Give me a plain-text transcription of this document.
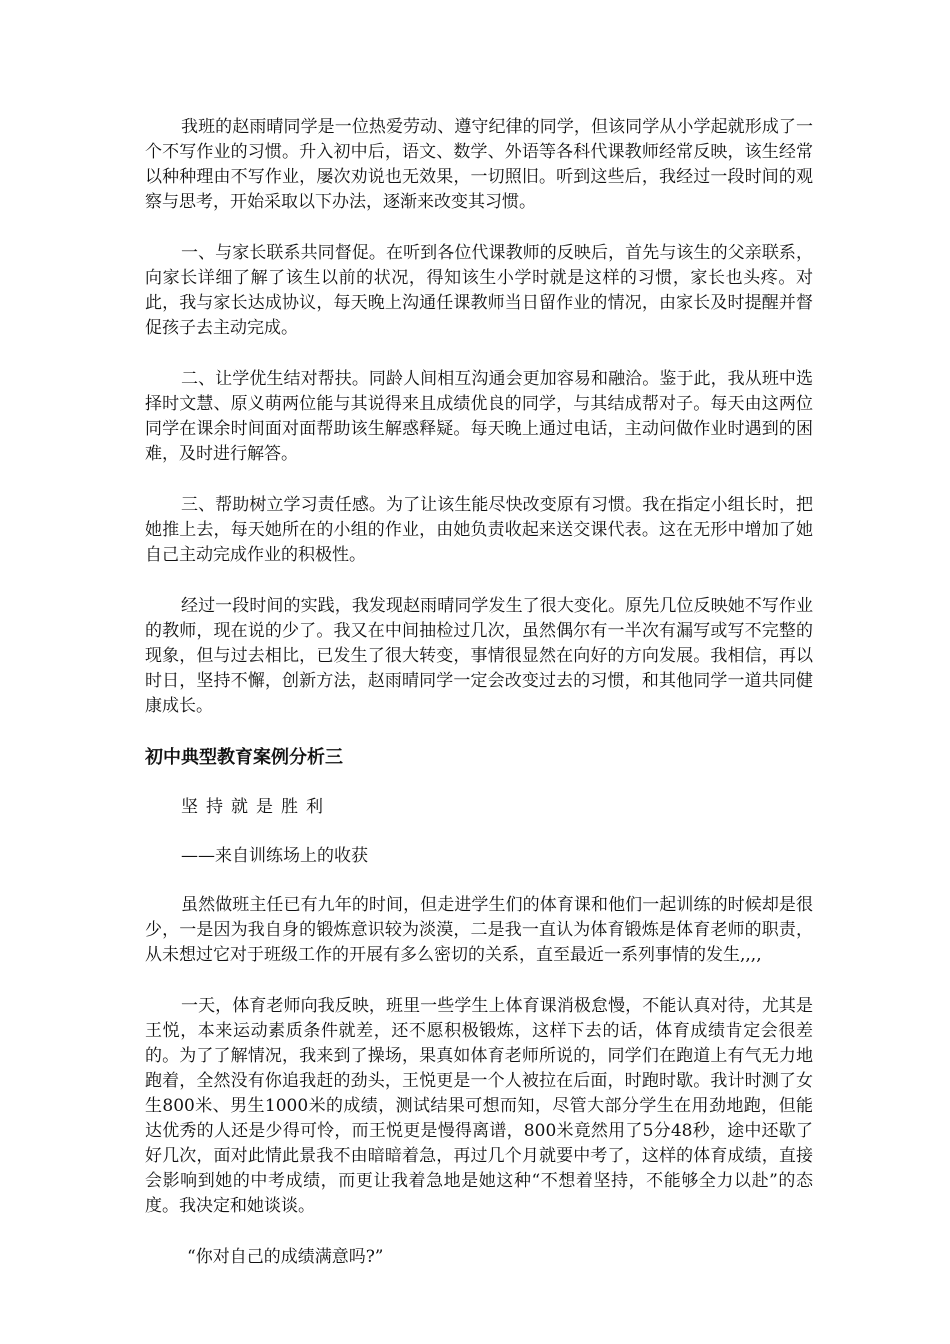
我班的赵雨晴同学是一位热爱劳动、遵守纪律的同学，但该同学从小学起就形成了一个不写作业的习惯。升入初中后，语文、数学、外语等各科代课教师经常反映，该生经常以种种理由不写作业，屡次劝说也无效果，一切照旧。听到这些后，我经过一段时间的观察与思考，开始采取以下办法，逐渐来改变其习惯。

一、与家长联系共同督促。在听到各位代课教师的反映后，首先与该生的父亲联系，向家长详细了解了该生以前的状况，得知该生小学时就是这样的习惯，家长也头疼。对此，我与家长达成协议，每天晚上沟通任课教师当日留作业的情况，由家长及时提醒并督促孩子去主动完成。

二、让学优生结对帮扶。同龄人间相互沟通会更加容易和融洽。鉴于此，我从班中选择时文慧、原义萌两位能与其说得来且成绩优良的同学，与其结成帮对子。每天由这两位同学在课余时间面对面帮助该生解惑释疑。每天晚上通过电话，主动问做作业时遇到的困难，及时进行解答。

三、帮助树立学习责任感。为了让该生能尽快改变原有习惯。我在指定小组长时，把她推上去，每天她所在的小组的作业，由她负责收起来送交课代表。这在无形中增加了她自己主动完成作业的积极性。

经过一段时间的实践，我发现赵雨晴同学发生了很大变化。原先几位反映她不写作业的教师，现在说的少了。我又在中间抽检过几次，虽然偶尔有一半次有漏写或写不完整的现象，但与过去相比，已发生了很大转变，事情很显然在向好的方向发展。我相信，再以时日，坚持不懈，创新方法，赵雨晴同学一定会改变过去的习惯，和其他同学一道共同健康成长。

初中典型教育案例分析三
坚持就是胜利
——来自训练场上的收获

虽然做班主任已有九年的时间，但走进学生们的体育课和他们一起训练的时候却是很少，一是因为我自身的锻炼意识较为淡漠，二是我一直认为体育锻炼是体育老师的职责，从未想过它对于班级工作的开展有多么密切的关系，直至最近一系列事情的发生,,,,

一天，体育老师向我反映，班里一些学生上体育课消极怠慢，不能认真对待，尤其是王悦，本来运动素质条件就差，还不愿积极锻炼，这样下去的话，体育成绩肯定会很差的。为了了解情况，我来到了操场，果真如体育老师所说的，同学们在跑道上有气无力地跑着，全然没有你追我赶的劲头，王悦更是一个人被拉在后面，时跑时歇。我计时测了女生800米、男生1000米的成绩，测试结果可想而知，尽管大部分学生在用劲地跑，但能达优秀的人还是少得可怜，而王悦更是慢得离谱，800米竟然用了5分48秒，途中还歇了好几次，面对此情此景我不由暗暗着急，再过几个月就要中考了，这样的体育成绩，直接会影响到她的中考成绩，而更让我着急地是她这种“不想着坚持，不能够全力以赴”的态度。我决定和她谈谈。

“你对自己的成绩满意吗?”
